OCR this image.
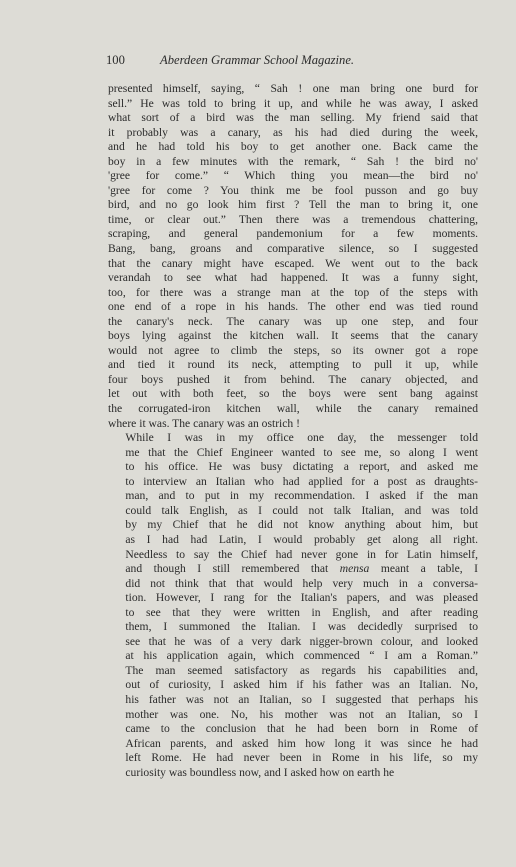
100	Aberdeen Grammar School Magazine.

presented himself, saying, “ Sah ! one man bring one burd for
sell.” He was told to bring it up, and while he was away, I asked
what sort of a bird was the man selling. My friend said that
it probably was a canary, as his had died during the week,
and he had told his boy to get another one. Back came the
boy in a few minutes with the remark, “ Sah ! the bird no'
'gree for come.” “ Which thing you mean—the bird no'
'gree for come ? You think me be fool pusson and go buy
bird, and no go look him first ? Tell the man to bring it, one
time, or clear out.” Then there was a tremendous chattering,
scraping, and general pandemonium for a few moments.
Bang, bang, groans and comparative silence, so I suggested
that the canary might have escaped. We went out to the back
verandah to see what had happened. It was a funny sight,
too, for there was a strange man at the top of the steps with
one end of a rope in his hands. The other end was tied round
the canary's neck. The canary was up one step, and four
boys lying against the kitchen wall. It seems that the canary
would not agree to climb the steps, so its owner got a rope
and tied it round its neck, attempting to pull it up, while
four boys pushed it from behind. The canary objected, and
let out with both feet, so the boys were sent bang against
the corrugated-iron kitchen wall, while the canary remained
where it was. The canary was an ostrich !

While I was in my office one day, the messenger told
me that the Chief Engineer wanted to see me, so along I went
to his office. He was busy dictating a report, and asked me
to interview an Italian who had applied for a post as draughts-
man, and to put in my recommendation. I asked if the man
could talk English, as I could not talk Italian, and was told
by my Chief that he did not know anything about him, but
as I had had Latin, I would probably get along all right.
Needless to say the Chief had never gone in for Latin himself,
and though I still remembered that mensa meant a table, I
did not think that that would help very much in a conversa-
tion. However, I rang for the Italian's papers, and was pleased
to see that they were written in English, and after reading
them, I summoned the Italian. I was decidedly surprised to
see that he was of a very dark nigger-brown colour, and looked
at his application again, which commenced “ I am a Roman.”
The man seemed satisfactory as regards his capabilities and,
out of curiosity, I asked him if his father was an Italian. No,
his father was not an Italian, so I suggested that perhaps his
mother was one. No, his mother was not an Italian, so I
came to the conclusion that he had been born in Rome of
African parents, and asked him how long it was since he had
left Rome. He had never been in Rome in his life, so my
curiosity was boundless now, and I asked how on earth he
